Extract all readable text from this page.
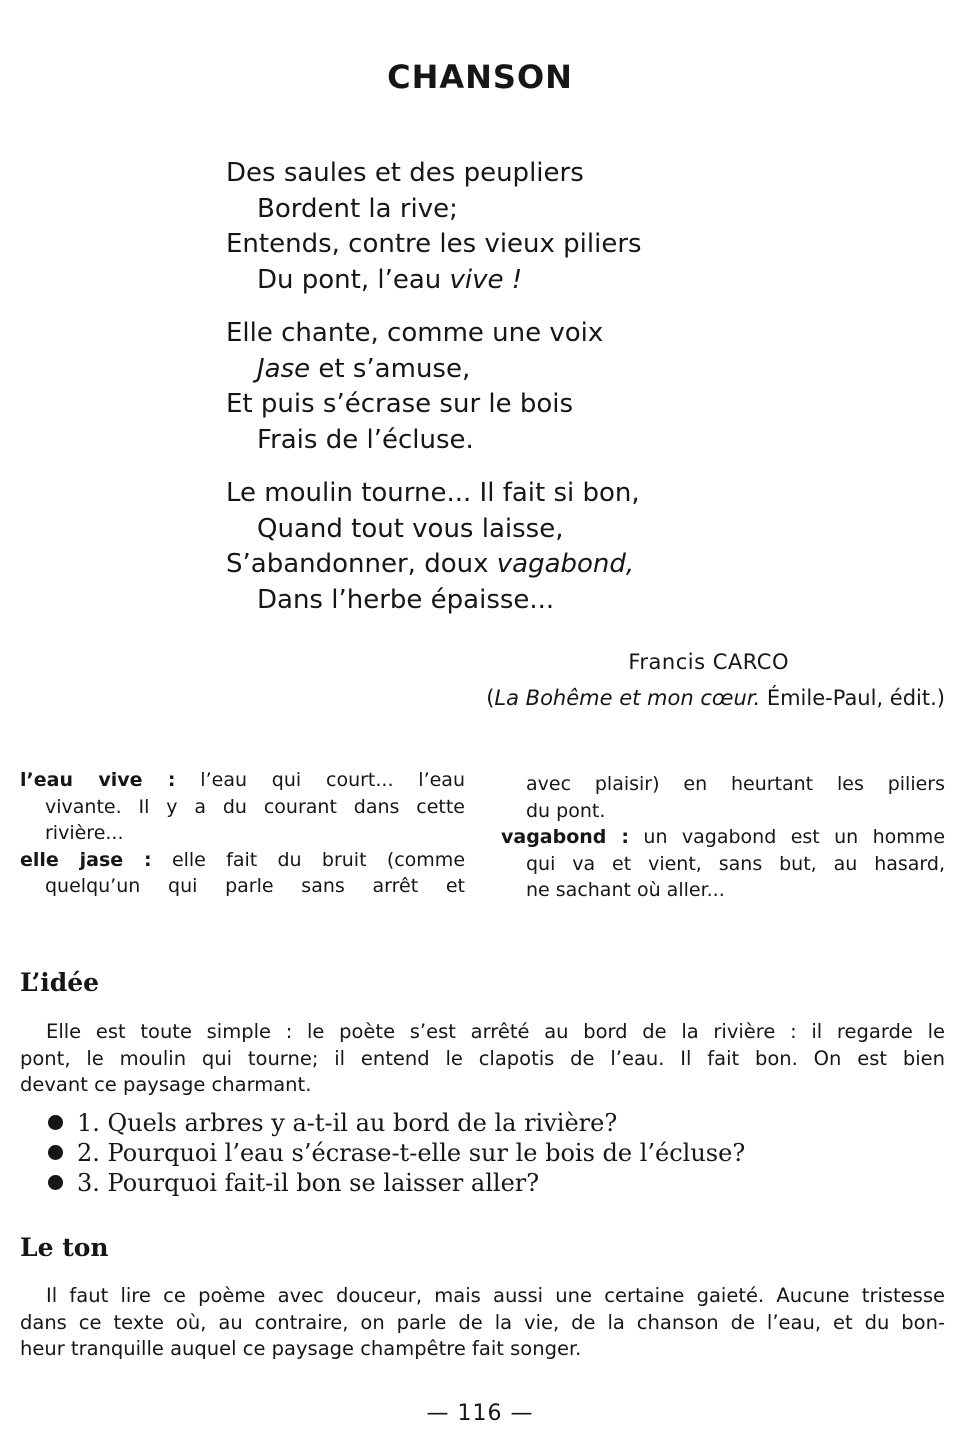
CHANSON
Des saules et des peupliers
Bordent la rive;
Entends, contre les vieux piliers
Du pont, l’eau vive !
Elle chante, comme une voix
Jase et s’amuse,
Et puis s’écrase sur le bois
Frais de l’écluse.
Le moulin tourne... Il fait si bon,
Quand tout vous laisse,
S’abandonner, doux vagabond,
Dans l’herbe épaisse...
Francis CARCO
(La Bohême et mon cœur. Émile-Paul, édit.)
l’eau vive : l’eau qui court... l’eau
vivante. Il y a du courant dans cette
rivière...
elle jase : elle fait du bruit (comme
quelqu’un qui parle sans arrêt et
avec plaisir) en heurtant les piliers
du pont.
vagabond : un vagabond est un homme
qui va et vient, sans but, au hasard,
ne sachant où aller...
L’idée
Elle est toute simple : le poète s’est arrêté au bord de la rivière : il regarde le
pont, le moulin qui tourne; il entend le clapotis de l’eau. Il fait bon. On est bien
devant ce paysage charmant.
1. Quels arbres y a-t-il au bord de la rivière?
2. Pourquoi l’eau s’écrase-t-elle sur le bois de l’écluse?
3. Pourquoi fait-il bon se laisser aller?
Le ton
Il faut lire ce poème avec douceur, mais aussi une certaine gaieté. Aucune tristesse
dans ce texte où, au contraire, on parle de la vie, de la chanson de l’eau, et du bon-
heur tranquille auquel ce paysage champêtre fait songer.
— 116 —
